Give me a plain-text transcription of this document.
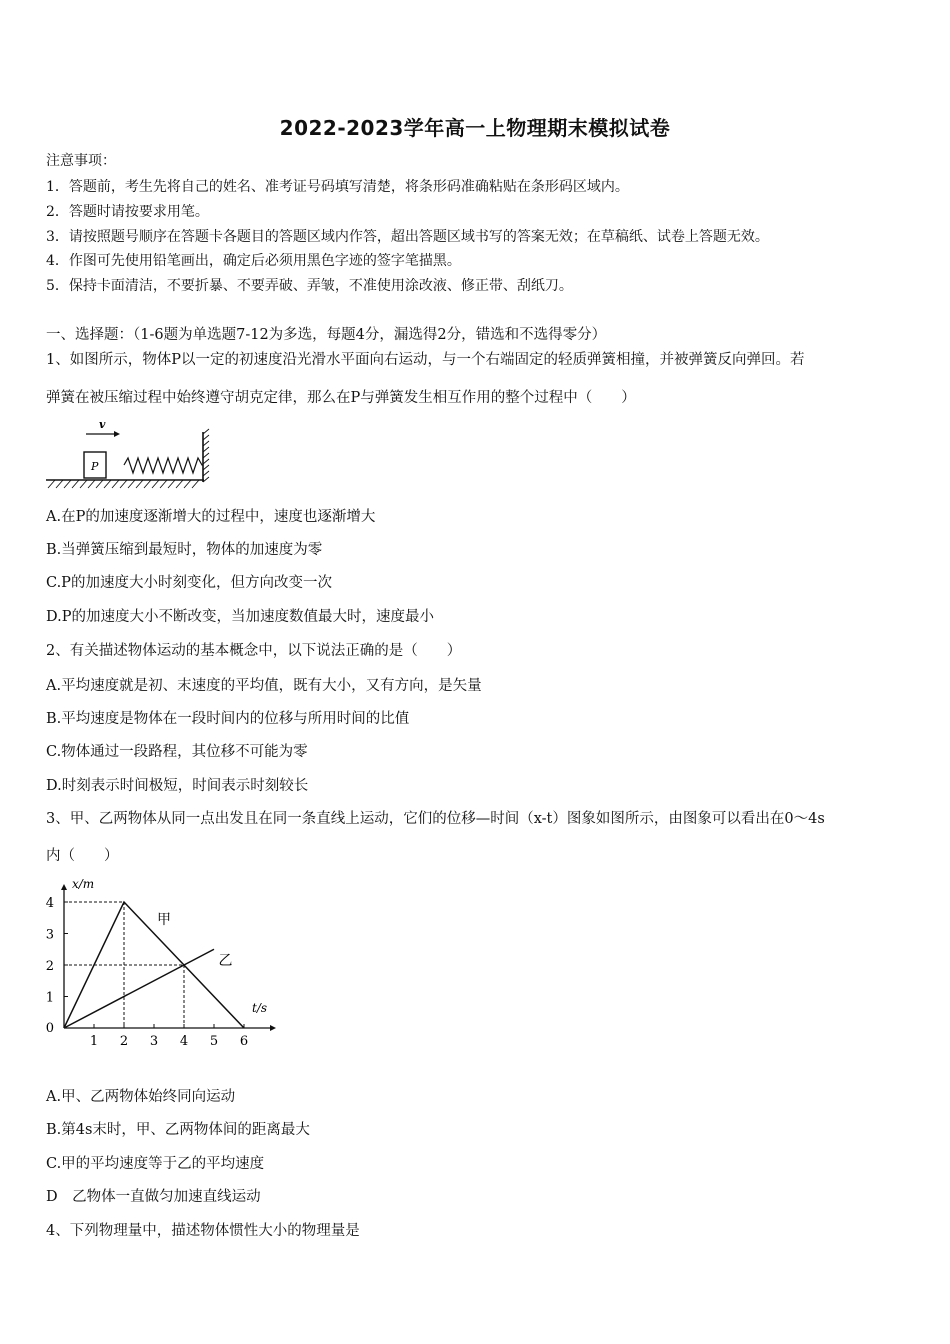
2022-2023学年高一上物理期末模拟试卷
注意事项：
1．答题前，考生先将自己的姓名、准考证号码填写清楚，将条形码准确粘贴在条形码区域内。
2．答题时请按要求用笔。
3．请按照题号顺序在答题卡各题目的答题区域内作答，超出答题区域书写的答案无效；在草稿纸、试卷上答题无效。
4．作图可先使用铅笔画出，确定后必须用黑色字迹的签字笔描黑。
5．保持卡面清洁，不要折暴、不要弄破、弄皱，不准使用涂改液、修正带、刮纸刀。
一、选择题：（1-6题为单选题7-12为多选，每题4分，漏选得2分，错选和不选得零分）
1、如图所示，物体P以一定的初速度沿光滑水平面向右运动，与一个右端固定的轻质弹簧相撞，并被弹簧反向弹回。若
弹簧在被压缩过程中始终遵守胡克定律，那么在P与弹簧发生相互作用的整个过程中（　　）
v
P
A.在P的加速度逐渐增大的过程中，速度也逐渐增大
B.当弹簧压缩到最短时，物体的加速度为零
C.P的加速度大小时刻变化，但方向改变一次
D.P的加速度大小不断改变，当加速度数值最大时，速度最小
2、有关描述物体运动的基本概念中，以下说法正确的是（　　）
A.平均速度就是初、末速度的平均值，既有大小，又有方向，是矢量
B.平均速度是物体在一段时间内的位移与所用时间的比值
C.物体通过一段路程，其位移不可能为零
D.时刻表示时间极短，时间表示时刻较长
3、甲、乙两物体从同一点出发且在同一条直线上运动，它们的位移—时间（x-t）图象如图所示，由图象可以看出在0～4s
内（　　）
1 2 3 4 5 6
0
1
2
3
4
x/m
t/s
甲
乙
A.甲、乙两物体始终同向运动
B.第4s末时，甲、乙两物体间的距离最大
C.甲的平均速度等于乙的平均速度
D　乙物体一直做匀加速直线运动
4、下列物理量中，描述物体惯性大小的物理量是
